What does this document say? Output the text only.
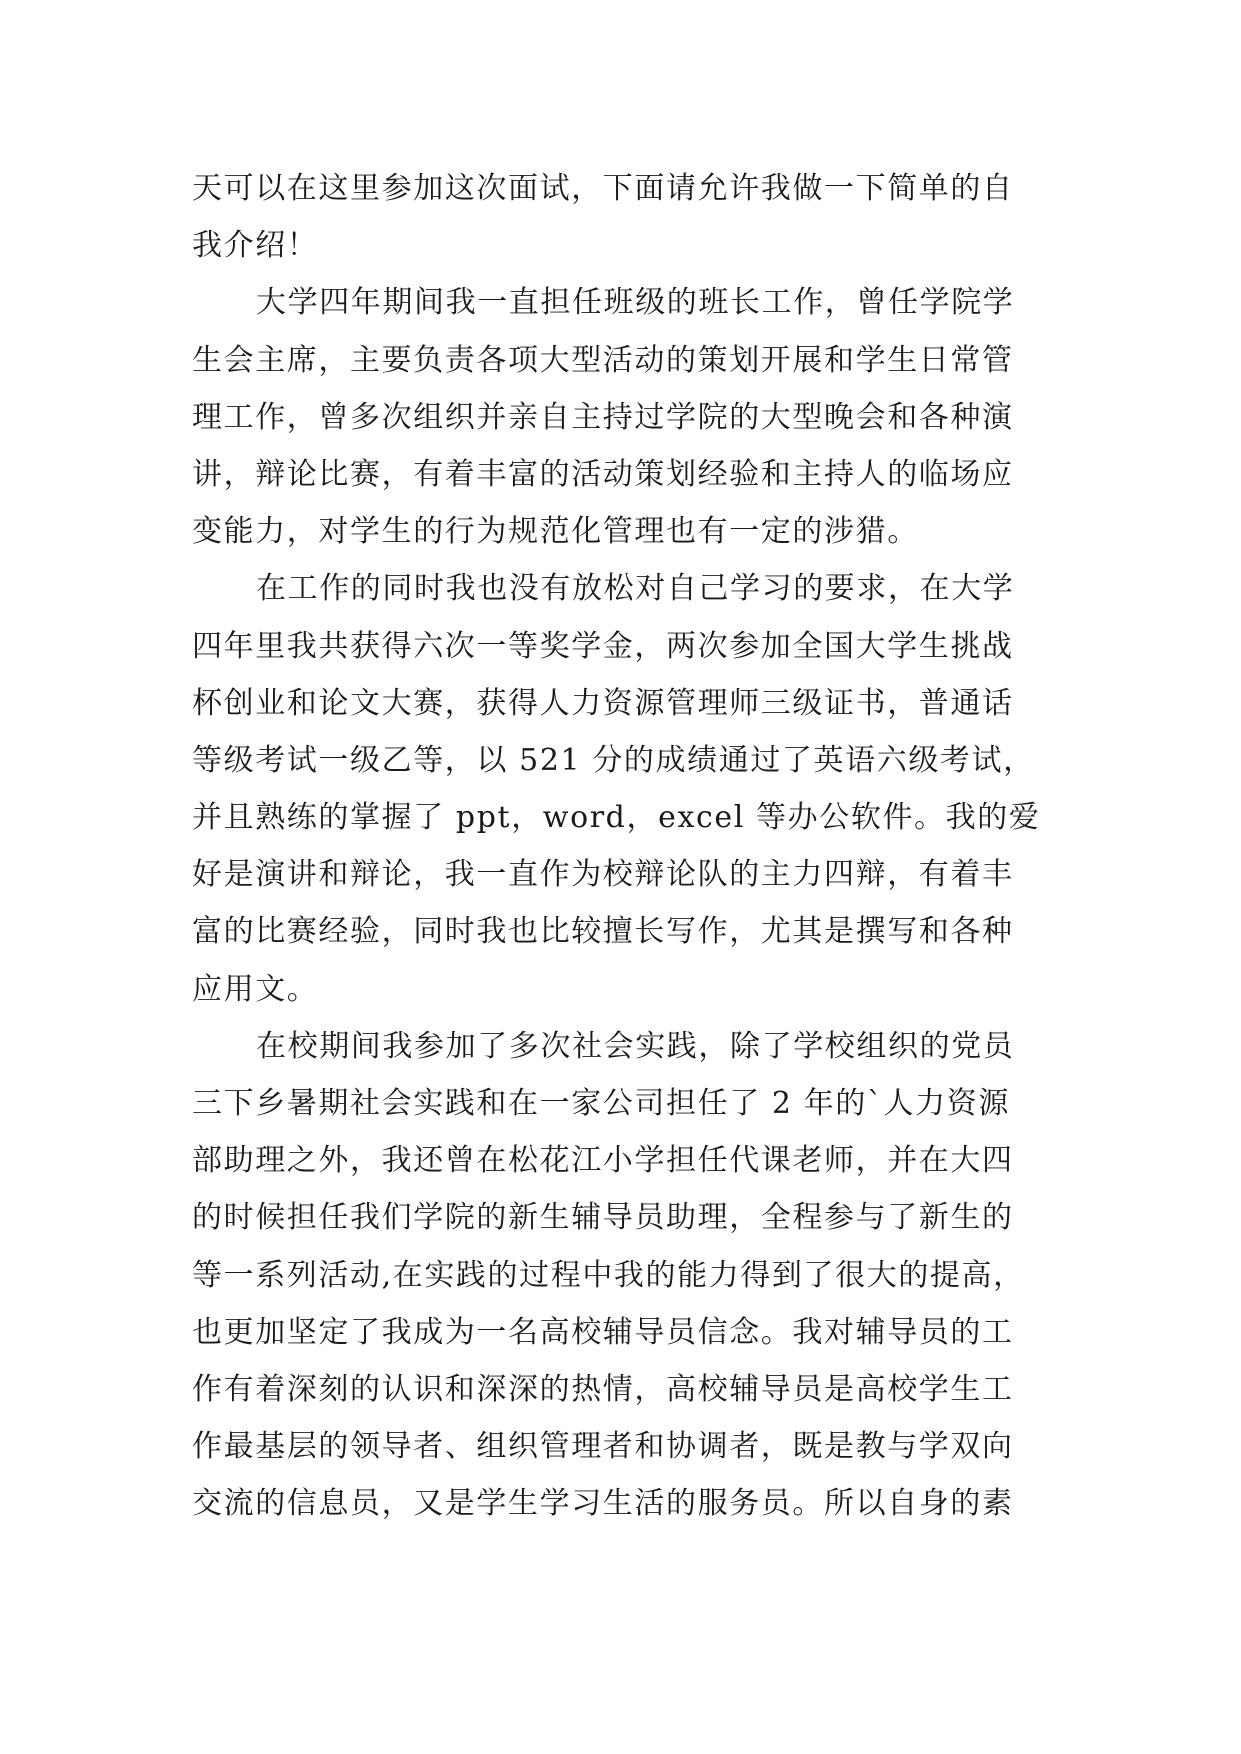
天可以在这里参加这次面试，下面请允许我做一下简单的自
我介绍！
大学四年期间我一直担任班级的班长工作，曾任学院学
生会主席，主要负责各项大型活动的策划开展和学生日常管
理工作，曾多次组织并亲自主持过学院的大型晚会和各种演
讲，辩论比赛，有着丰富的活动策划经验和主持人的临场应
变能力，对学生的行为规范化管理也有一定的涉猎。
在工作的同时我也没有放松对自己学习的要求，在大学
四年里我共获得六次一等奖学金，两次参加全国大学生挑战
杯创业和论文大赛，获得人力资源管理师三级证书，普通话
等级考试一级乙等，以 521 分的成绩通过了英语六级考试，
并且熟练的掌握了 ppt，word，excel 等办公软件。我的爱
好是演讲和辩论，我一直作为校辩论队的主力四辩，有着丰
富的比赛经验，同时我也比较擅长写作，尤其是撰写和各种
应用文。
在校期间我参加了多次社会实践，除了学校组织的党员
三下乡暑期社会实践和在一家公司担任了 2 年的`人力资源
部助理之外，我还曾在松花江小学担任代课老师，并在大四
的时候担任我们学院的新生辅导员助理，全程参与了新生的
等一系列活动,在实践的过程中我的能力得到了很大的提高，
也更加坚定了我成为一名高校辅导员信念。我对辅导员的工
作有着深刻的认识和深深的热情，高校辅导员是高校学生工
作最基层的领导者、组织管理者和协调者，既是教与学双向
交流的信息员，又是学生学习生活的服务员。所以自身的素
